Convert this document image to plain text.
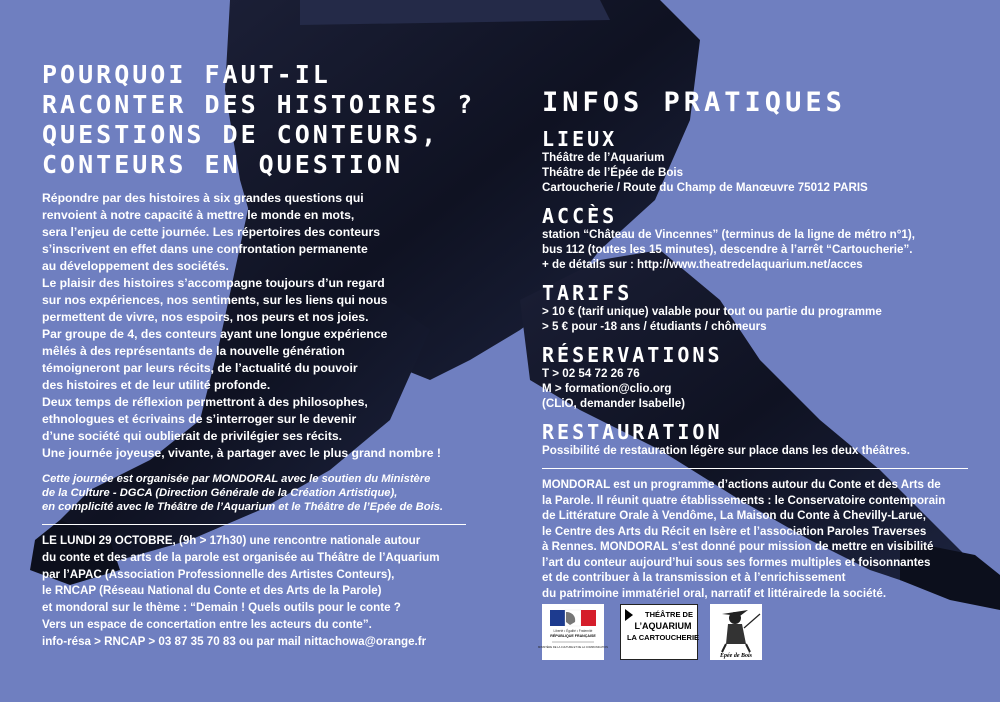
POURQUOI FAUT-IL
RACONTER DES HISTOIRES ?
QUESTIONS DE CONTEURS,
CONTEURS EN QUESTION

Répondre par des histoires à six grandes questions qui

renvoient à notre capacité à mettre le monde en mots,

sera l’enjeu de cette journée. Les répertoires des conteurs

s’inscrivent en effet dans une confrontation permanente

au développement des sociétés.

Le plaisir des histoires s’accompagne toujours d’un regard

sur nos expériences, nos sentiments, sur les liens qui nous

permettent de vivre, nos espoirs, nos peurs et nos joies.

Par groupe de 4, des conteurs ayant une longue expérience

mêlés à des représentants de la nouvelle génération

témoigneront par leurs récits, de l’actualité du pouvoir

des histoires et de leur utilité profonde.

Deux temps de réflexion permettront à des philosophes,

ethnologues et écrivains de s’interroger sur le devenir

d’une société qui oublierait de privilégier ses récits.

Une journée joyeuse, vivante, à partager avec le plus grand nombre !

Cette journée est organisée par MONDORAL avec le soutien du Ministère

de la Culture - DGCA (Direction Générale de la Création Artistique),

en complicité avec le Théâtre de l’Aquarium et le Théâtre de l’Epée de Bois.

LE LUNDI 29 OCTOBRE, (9h > 17h30) une rencontre nationale autour

du conte et des arts de la parole est organisée au Théâtre de l’Aquarium

par l’APAC (Association Professionnelle des Artistes Conteurs),

le RNCAP (Réseau National du Conte et des Arts de la Parole)

et mondoral sur le thème : “Demain ! Quels outils pour le conte ?

Vers un espace de concertation entre les acteurs du conte”.

info-résa > RNCAP > 03 87 35 70 83 ou par mail nittachowa@orange.fr

INFOS PRATIQUES
LIEUX

Théâtre de l’Aquarium

Théâtre de l’Épée de Bois

Cartoucherie / Route du Champ de Manœuvre 75012 PARIS

ACCÈS

station “Château de Vincennes” (terminus de la ligne de métro n°1),

bus 112 (toutes les 15 minutes), descendre à l’arrêt “Cartoucherie”.

+ de détails sur : http://www.theatredelaquarium.net/acces

TARIFS

> 10 € (tarif unique) valable pour tout ou partie du programme

> 5 € pour -18 ans / étudiants / chômeurs

RÉSERVATIONS

T > 02 54 72 26 76

M > formation@clio.org

(CLiO, demander Isabelle)

RESTAURATION

Possibilité de restauration légère sur place dans les deux théâtres.

MONDORAL est un programme d’actions autour du Conte et des Arts de
la Parole. Il réunit quatre établissements : le Conservatoire contemporain
de Littérature Orale à Vendôme, La Maison du Conte à Chevilly-Larue,
le Centre des Arts du Récit en Isère et l’association Paroles Traverses
à Rennes. MONDORAL s’est donné pour mission de mettre en visibilité
l’art du conteur aujourd’hui sous ses formes multiples et foisonnantes
et de contribuer à la transmission et à l’enrichissement
du patrimoine immatériel oral, narratif et littérairede la société.
Liberté • Égalité • Fraternité
RÉPUBLIQUE FRANÇAISE
MINISTÈRE DE LA CULTURE ET DE LA COMMUNICATION
THÉÂTRE DE
L’AQUARIUM
LA CARTOUCHERIE
Épée de Bois
